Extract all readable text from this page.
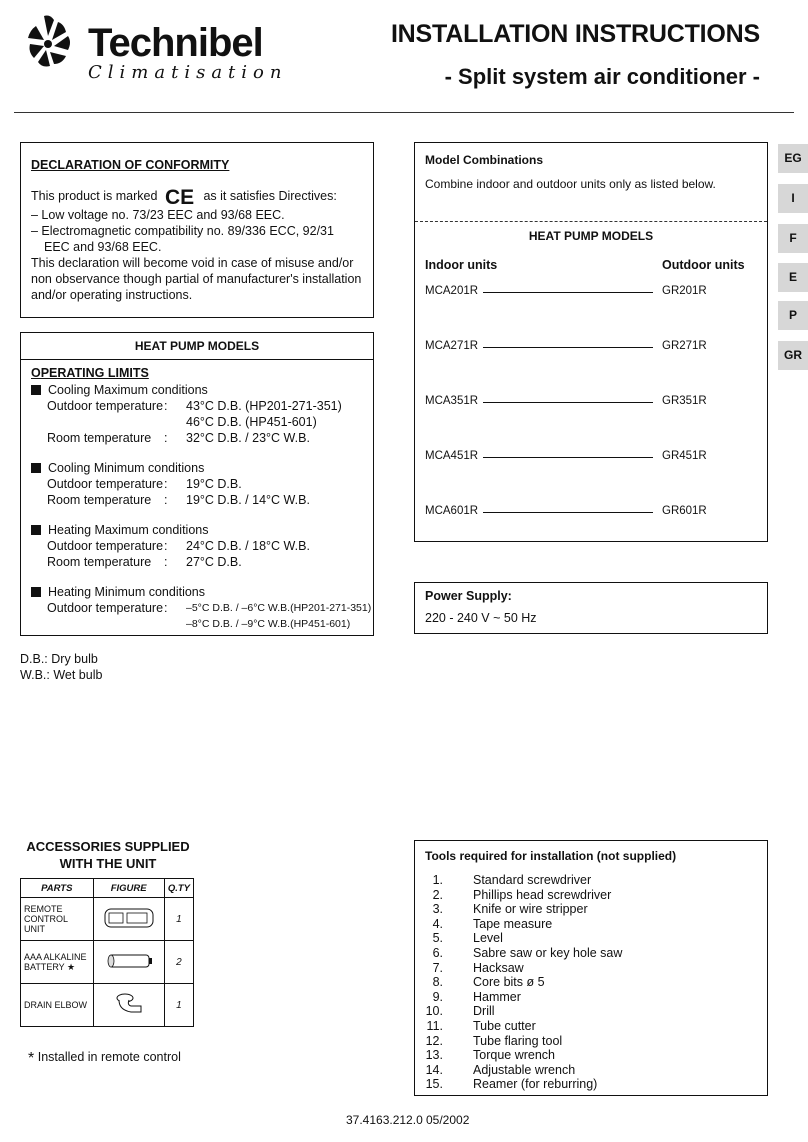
Technibel
Climatisation
INSTALLATION INSTRUCTIONS
- Split system air conditioner -
EG
I
F
E
P
GR
DECLARATION OF CONFORMITY
This product is marked CE as it satisfies Directives:
– Low voltage no. 73/23 EEC and 93/68 EEC.
– Electromagnetic compatibility no. 89/336 ECC, 92/31 EEC and 93/68 EEC.
This declaration will become void in case of misuse and/or non observance though partial of manufacturer's installation and/or operating instructions.
HEAT PUMP MODELS
OPERATING LIMITS
Cooling Maximum conditions
Outdoor temperature :	43°C D.B. (HP201-271-351)
46°C D.B. (HP451-601)
Room temperature	:	32°C D.B. / 23°C W.B.
Cooling Minimum conditions
Outdoor temperature :	19°C D.B.
Room temperature	:	19°C D.B. / 14°C W.B.
Heating Maximum conditions
Outdoor temperature :	24°C D.B. / 18°C W.B.
Room temperature	:	27°C D.B.
Heating Minimum conditions
Outdoor temperature :	–5°C D.B. / –6°C W.B.(HP201-271-351)
–8°C D.B. / –9°C W.B.(HP451-601)
D.B.: Dry bulb
W.B.: Wet bulb
Model Combinations
Combine indoor and outdoor units only as listed below.
HEAT PUMP MODELS
Indoor units	Outdoor units
MCA201R	GR201R
MCA271R	GR271R
MCA351R	GR351R
MCA451R	GR451R
MCA601R	GR601R
Power Supply:
220 - 240 V ~ 50 Hz
ACCESSORIES SUPPLIED WITH THE UNIT
PARTS	FIGURE	Q.TY
REMOTE CONTROL UNIT		1
AAA ALKALINE BATTERY ★		2
DRAIN ELBOW		1
* Installed in remote control
Tools required for installation (not supplied)
1. Standard screwdriver
2. Phillips head screwdriver
3. Knife or wire stripper
4. Tape measure
5. Level
6. Sabre saw or key hole saw
7. Hacksaw
8. Core bits ø 5
9. Hammer
10. Drill
11. Tube cutter
12. Tube flaring tool
13. Torque wrench
14. Adjustable wrench
15. Reamer (for reburring)
37.4163.212.0 05/2002
